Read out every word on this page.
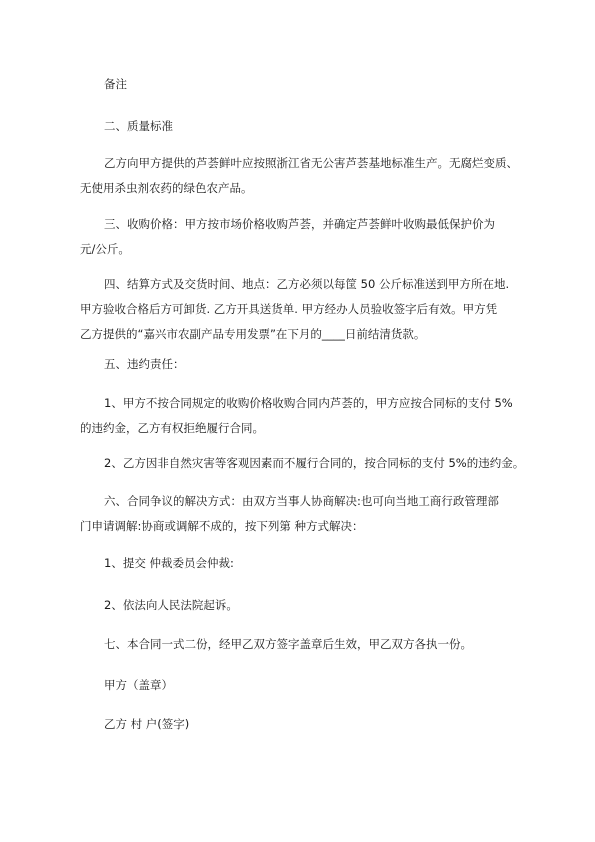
备注
二、质量标准
乙方向甲方提供的芦荟鲜叶应按照浙江省无公害芦荟基地标准生产。无腐烂变质、
无使用杀虫剂农药的绿色农产品。
三、收购价格：甲方按市场价格收购芦荟，并确定芦荟鲜叶收购最低保护价为
元/公斤。
四、结算方式及交货时间、地点：乙方必须以每筐 50 公斤标准送到甲方所在地.
甲方验收合格后方可卸货. 乙方开具送货单. 甲方经办人员验收签字后有效。甲方凭
乙方提供的“嘉兴市农副产品专用发票”在下月的____日前结清货款。
五、违约责任：
1、甲方不按合同规定的收购价格收购合同内芦荟的，甲方应按合同标的支付 5%
的违约金，乙方有权拒绝履行合同。
2、乙方因非自然灾害等客观因素而不履行合同的，按合同标的支付 5%的违约金。
六、合同争议的解决方式：由双方当事人协商解决:也可向当地工商行政管理部
门申请调解:协商或调解不成的，按下列第 种方式解决：
1、提交 仲裁委员会仲裁:
2、依法向人民法院起诉。
七、本合同一式二份，经甲乙双方签字盖章后生效，甲乙双方各执一份。
甲方（盖章）
乙方 村 户(签字)
